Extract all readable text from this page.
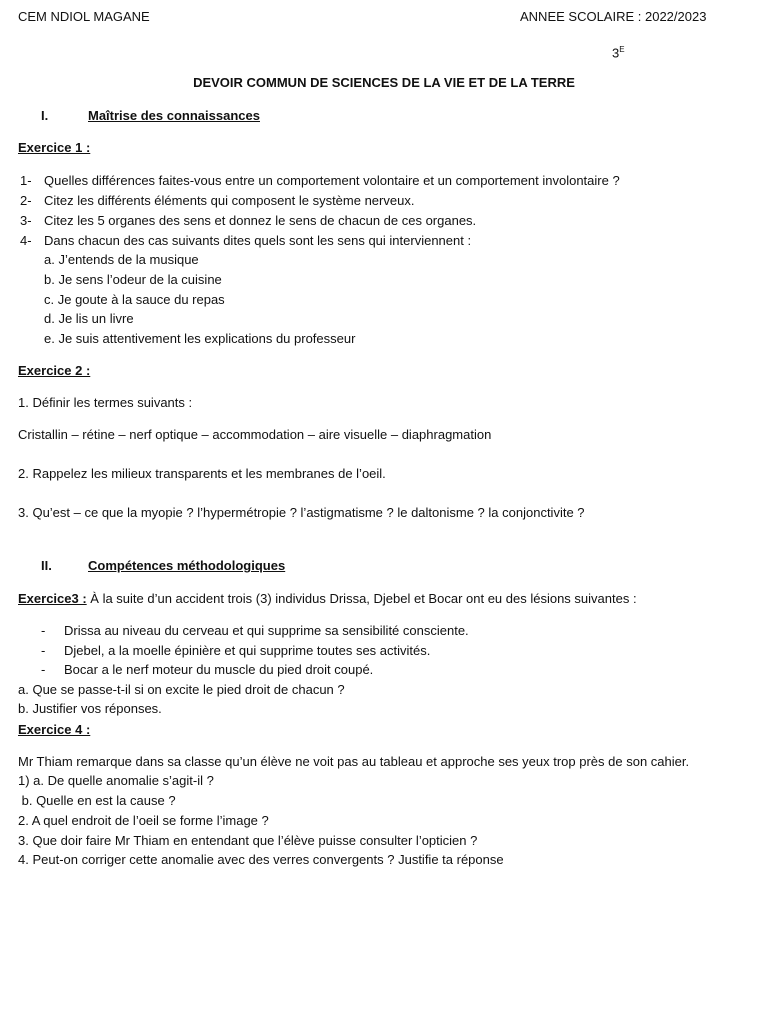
CEM NDIOL MAGANE	ANNEE SCOLAIRE : 2022/2023
$3^E$
DEVOIR COMMUN DE SCIENCES DE LA VIE ET DE LA TERRE
I.	Maîtrise des connaissances
Exercice 1 :
1- Quelles différences faites-vous entre un comportement volontaire et un comportement involontaire ?
2- Citez les différents éléments qui composent le système nerveux.
3- Citez les 5 organes des sens et donnez le sens de chacun de ces organes.
4- Dans chacun des cas suivants dites quels sont les sens qui interviennent :
a. J’entends de la musique
b. Je sens l’odeur de la cuisine
c. Je goute à la sauce du repas
d. Je lis un livre
e. Je suis attentivement les explications du professeur
Exercice 2 :
1. Définir les termes suivants :
Cristallin – rétine – nerf optique – accommodation – aire visuelle – diaphragmation
2. Rappelez les milieux transparents et les membranes de l’oeil.
3. Qu’est – ce que la myopie ? l’hypermétropie ? l’astigmatisme ? le daltonisme ? la conjonctivite ?
II.	Compétences méthodologiques
Exercice3 : À la suite d’un accident trois (3) individus Drissa, Djebel et Bocar ont eu des lésions suivantes :
- Drissa au niveau du cerveau et qui supprime sa sensibilité consciente.
- Djebel, a la moelle épinière et qui supprime toutes ses activités.
- Bocar a le nerf moteur du muscle du pied droit coupé.
a. Que se passe-t-il si on excite le pied droit de chacun ?
b. Justifier vos réponses.
Exercice 4 :
Mr Thiam remarque dans sa classe qu’un élève ne voit pas au tableau et approche ses yeux trop près de son cahier.
1) a. De quelle anomalie s’agit-il ?
b. Quelle en est la cause ?
2. A quel endroit de l’oeil se forme l’image ?
3. Que doir faire Mr Thiam en entendant que l’élève puisse consulter l’opticien ?
4. Peut-on corriger cette anomalie avec des verres convergents ? Justifie ta réponse
